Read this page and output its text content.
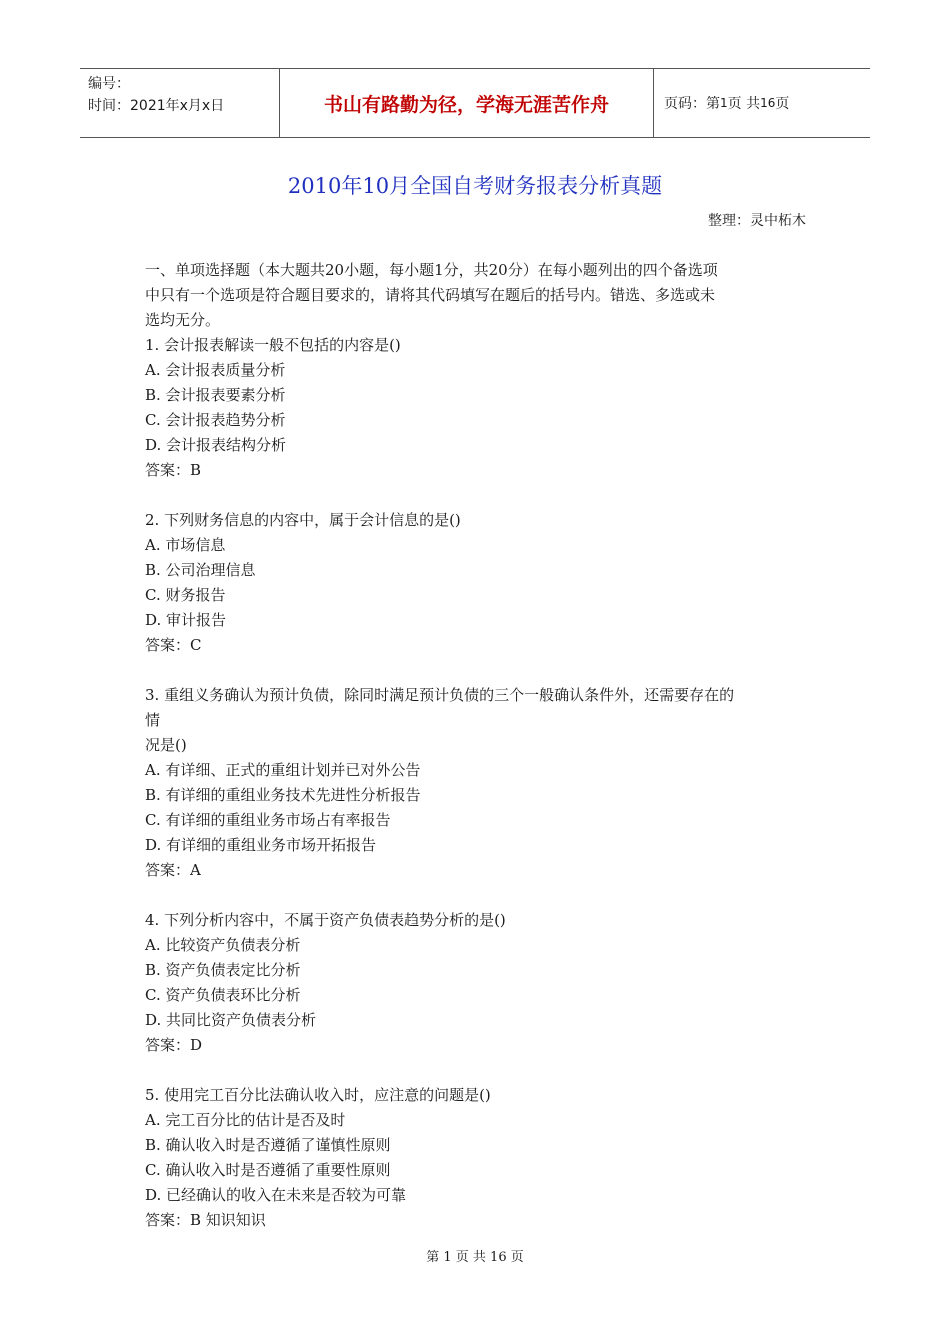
编号：
时间：2021年x月x日	书山有路勤为径，学海无涯苦作舟	页码：第 1 页 共 16 页
2010年10月全国自考财务报表分析真题
整理：灵中柘木

一、单项选择题（本大题共20小题，每小题1分，共20分）在每小题列出的四个备选项

中只有一个选项是符合题目要求的，请将其代码填写在题后的括号内。错选、多选或未

选均无分。

1. 会计报表解读一般不包括的内容是()

A. 会计报表质量分析

B. 会计报表要素分析

C. 会计报表趋势分析

D. 会计报表结构分析

答案：B

2. 下列财务信息的内容中，属于会计信息的是()

A. 市场信息

B. 公司治理信息

C. 财务报告

D. 审计报告

答案：C

3. 重组义务确认为预计负债，除同时满足预计负债的三个一般确认条件外，还需要存在的

情

况是()

A. 有详细、正式的重组计划并已对外公告

B. 有详细的重组业务技术先进性分析报告

C. 有详细的重组业务市场占有率报告

D. 有详细的重组业务市场开拓报告

答案：A

4. 下列分析内容中，不属于资产负债表趋势分析的是()

A. 比较资产负债表分析

B. 资产负债表定比分析

C. 资产负债表环比分析

D. 共同比资产负债表分析

答案：D

5. 使用完工百分比法确认收入时，应注意的问题是()

A. 完工百分比的估计是否及时

B. 确认收入时是否遵循了谨慎性原则

C. 确认收入时是否遵循了重要性原则

D. 已经确认的收入在未来是否较为可靠

答案：B 知识知识

第 1 页 共 16 页
